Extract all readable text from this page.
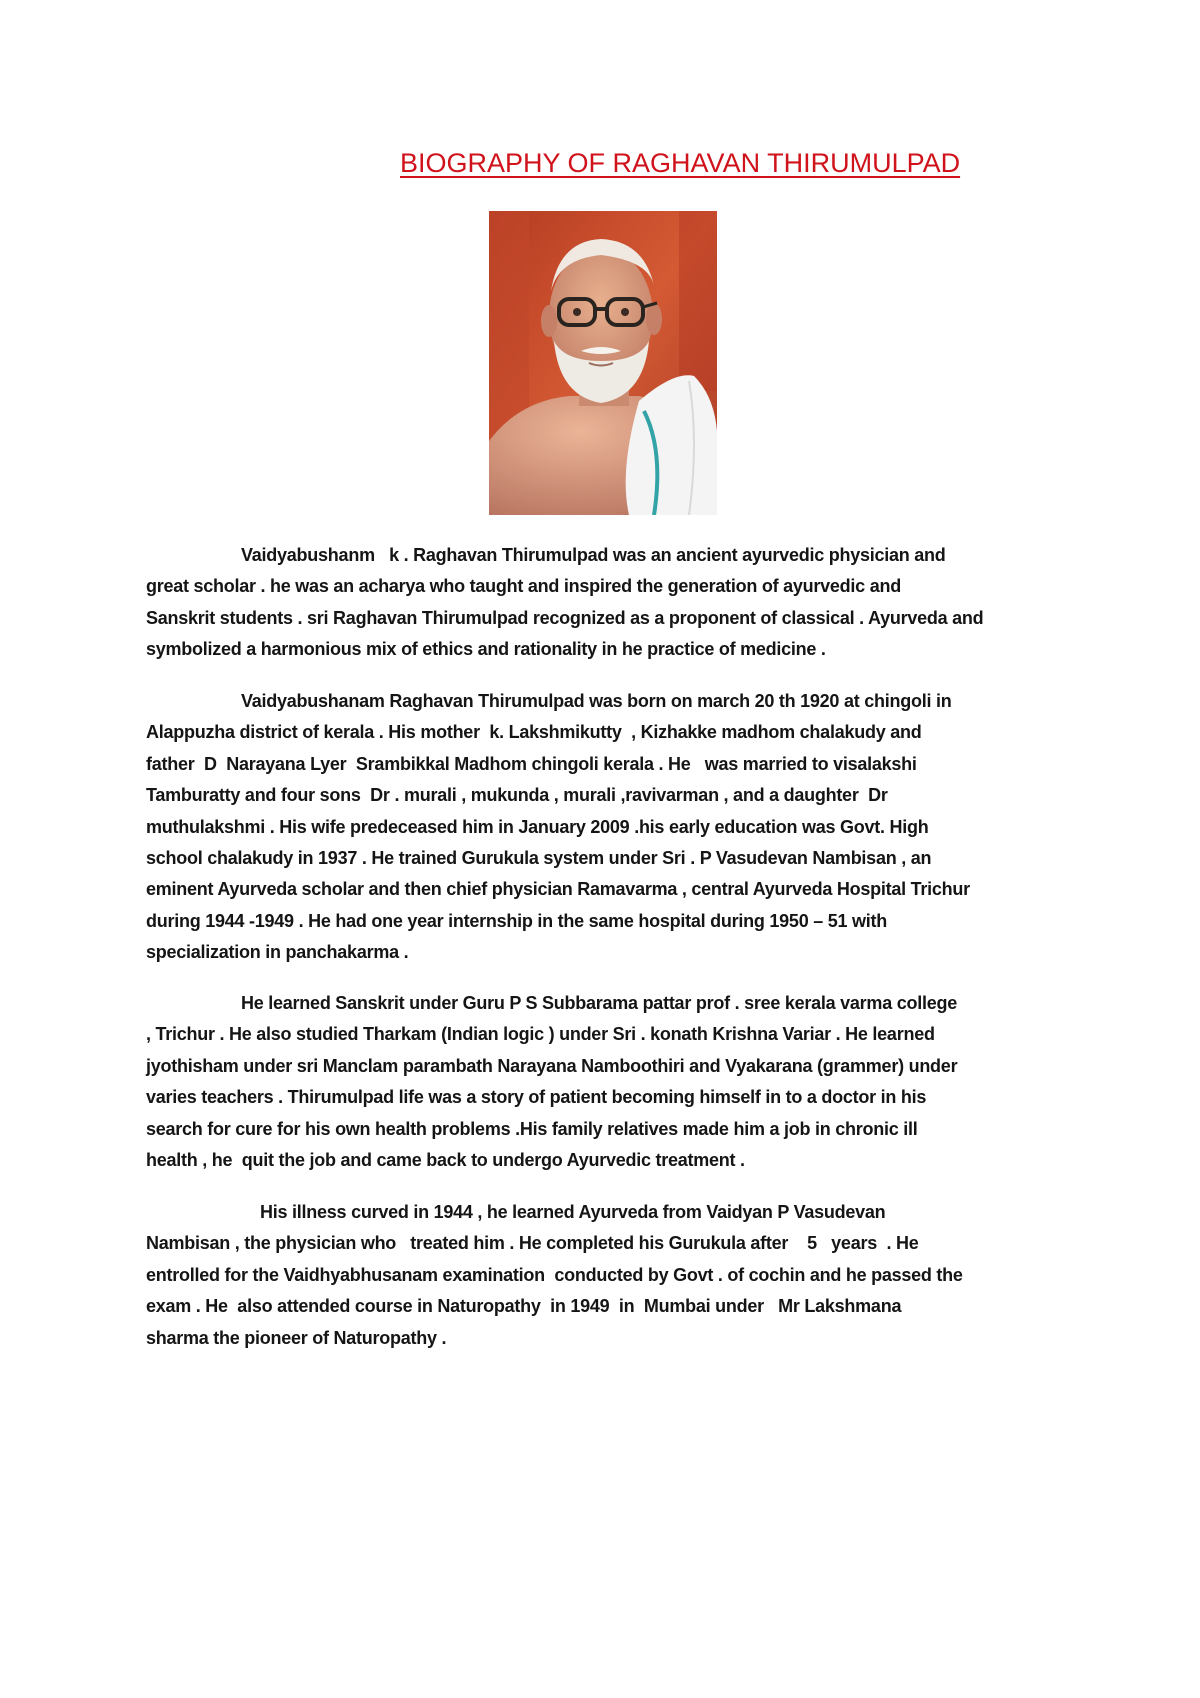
BIOGRAPHY OF RAGHAVAN THIRUMULPAD
Vaidyabushanm   k . Raghavan Thirumulpad was an ancient ayurvedic physician and
great scholar . he was an acharya who taught and inspired the generation of ayurvedic and
Sanskrit students . sri Raghavan Thirumulpad recognized as a proponent of classical . Ayurveda and
symbolized a harmonious mix of ethics and rationality in he practice of medicine .
Vaidyabushanam Raghavan Thirumulpad was born on march 20 th 1920 at chingoli in
Alappuzha district of kerala . His mother  k. Lakshmikutty  , Kizhakke madhom chalakudy and
father  D  Narayana Lyer  Srambikkal Madhom chingoli kerala . He   was married to visalakshi
Tamburatty and four sons  Dr . murali , mukunda , murali ,ravivarman , and a daughter  Dr
muthulakshmi . His wife predeceased him in January 2009 .his early education was Govt. High
school chalakudy in 1937 . He trained Gurukula system under Sri . P Vasudevan Nambisan , an
eminent Ayurveda scholar and then chief physician Ramavarma , central Ayurveda Hospital Trichur
during 1944 -1949 . He had one year internship in the same hospital during 1950 – 51 with
specialization in panchakarma .
He learned Sanskrit under Guru P S Subbarama pattar prof . sree kerala varma college
, Trichur . He also studied Tharkam (Indian logic ) under Sri . konath Krishna Variar . He learned
jyothisham under sri Manclam parambath Narayana Namboothiri and Vyakarana (grammer) under
varies teachers . Thirumulpad life was a story of patient becoming himself in to a doctor in his
search for cure for his own health problems .His family relatives made him a job in chronic ill
health , he  quit the job and came back to undergo Ayurvedic treatment .
His illness curved in 1944 , he learned Ayurveda from Vaidyan P Vasudevan
Nambisan , the physician who   treated him . He completed his Gurukula after    5   years  . He
entrolled for the Vaidhyabhusanam examination  conducted by Govt . of cochin and he passed the
exam . He  also attended course in Naturopathy  in 1949  in  Mumbai under   Mr Lakshmana
sharma the pioneer of Naturopathy .
